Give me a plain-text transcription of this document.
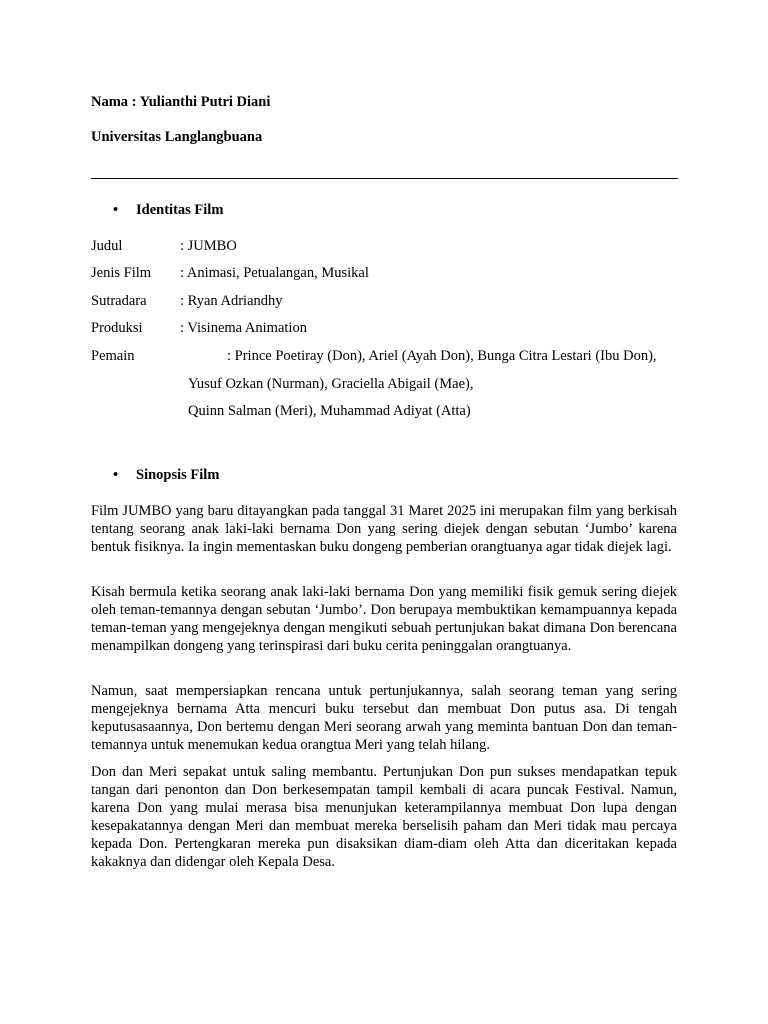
Nama : Yulianthi Putri Diani
Universitas Langlangbuana
• Identitas Film
Judul	: JUMBO
Jenis Film : Animasi, Petualangan, Musikal
Sutradara : Ryan Adriandhy
Produksi	: Visinema Animation
Pemain	: Prince Poetiray (Don), Ariel (Ayah Don), Bunga Citra Lestari (Ibu Don),
Yusuf Ozkan (Nurman), Graciella Abigail (Mae),
Quinn Salman (Meri), Muhammad Adiyat (Atta)
• Sinopsis Film
Film JUMBO yang baru ditayangkan pada tanggal 31 Maret 2025 ini merupakan film yang berkisah tentang seorang anak laki-laki bernama Don yang sering diejek dengan sebutan ‘Jumbo’ karena bentuk fisiknya. Ia ingin mementaskan buku dongeng pemberian orangtuanya agar tidak diejek lagi.
Kisah bermula ketika seorang anak laki-laki bernama Don yang memiliki fisik gemuk sering diejek oleh teman-temannya dengan sebutan ‘Jumbo’. Don berupaya membuktikan kemampuannya kepada teman-teman yang mengejeknya dengan mengikuti sebuah pertunjukan bakat dimana Don berencana menampilkan dongeng yang terinspirasi dari buku cerita peninggalan orangtuanya.
Namun, saat mempersiapkan rencana untuk pertunjukannya, salah seorang teman yang sering mengejeknya bernama Atta mencuri buku tersebut dan membuat Don putus asa. Di tengah keputusasaannya, Don bertemu dengan Meri seorang arwah yang meminta bantuan Don dan teman-temannya untuk menemukan kedua orangtua Meri yang telah hilang.
Don dan Meri sepakat untuk saling membantu. Pertunjukan Don pun sukses mendapatkan tepuk tangan dari penonton dan Don berkesempatan tampil kembali di acara puncak Festival. Namun, karena Don yang mulai merasa bisa menunjukan keterampilannya membuat Don lupa dengan kesepakatannya dengan Meri dan membuat mereka berselisih paham dan Meri tidak mau percaya kepada Don. Pertengkaran mereka pun disaksikan diam-diam oleh Atta dan diceritakan kepada kakaknya dan didengar oleh Kepala Desa.
